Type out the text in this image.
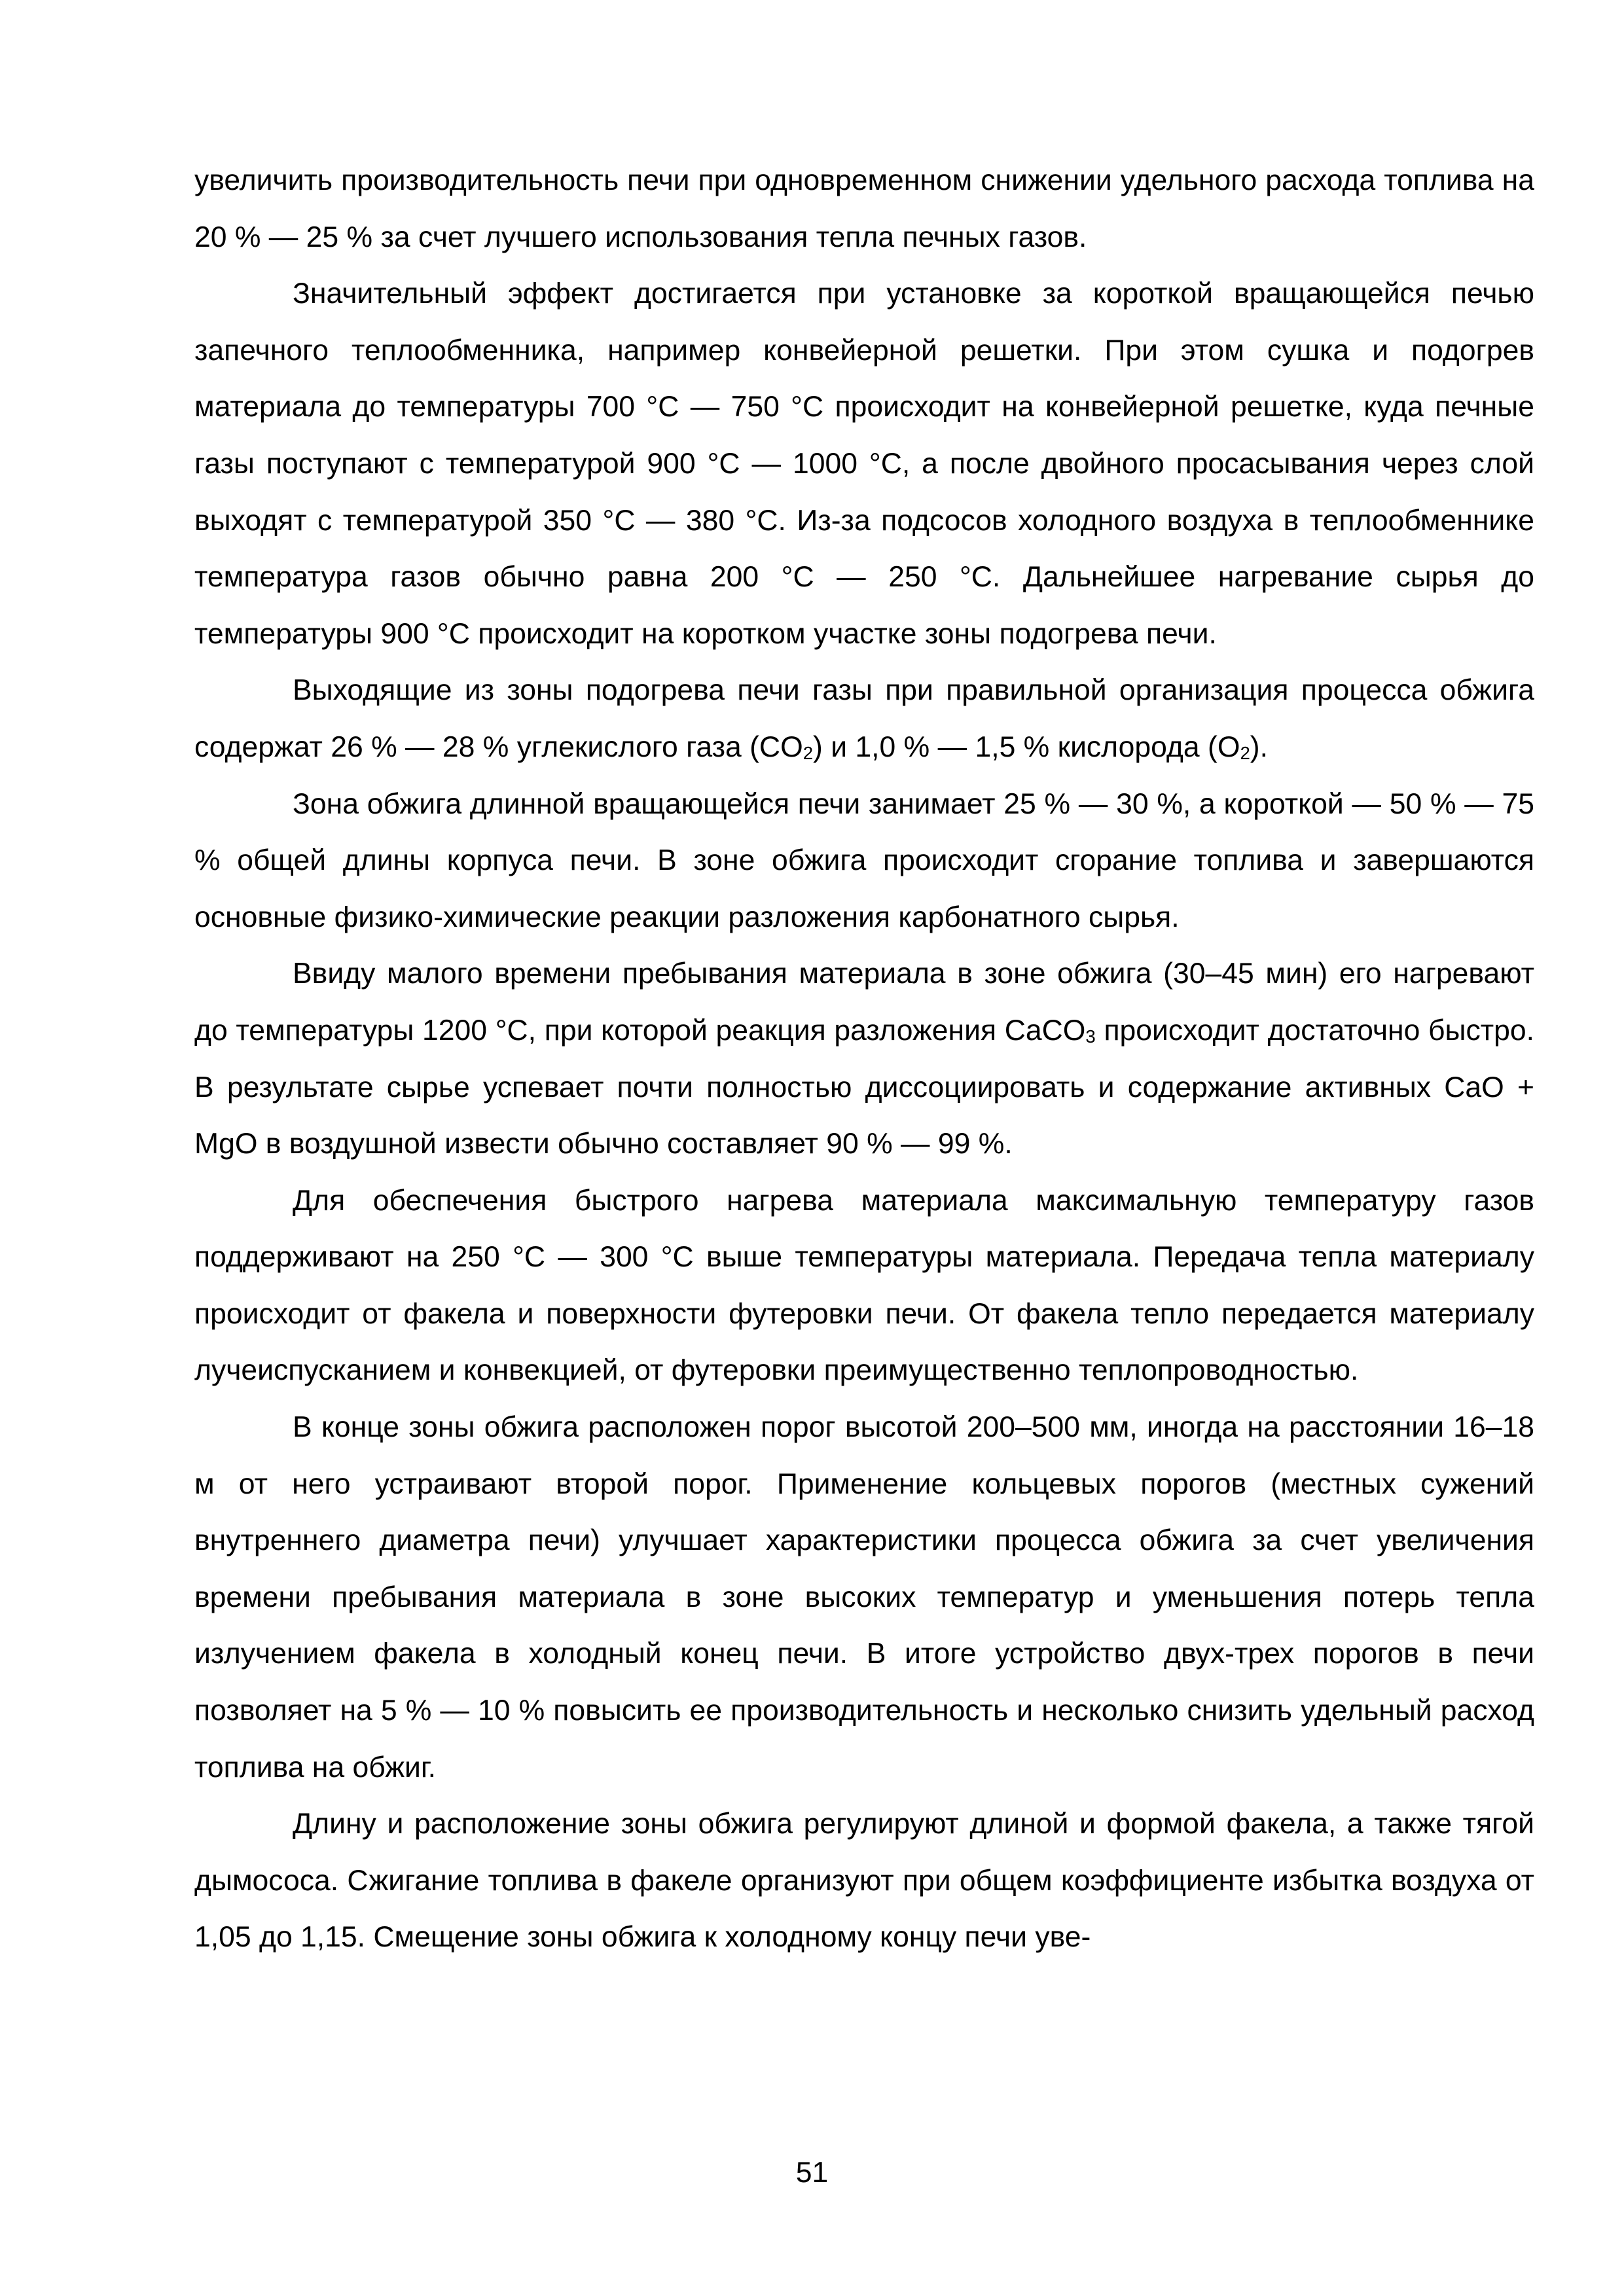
увеличить производительность печи при одновременном снижении удельного расхода топлива на 20 % — 25 % за счет лучшего использования тепла печных газов.

Значительный эффект достигается при установке за короткой вращающейся печью запечного теплообменника, например конвейерной решетки. При этом сушка и подогрев материала до температуры 700 °С — 750 °С происходит на конвейерной решетке, куда печные газы поступают с температурой 900 °С — 1000 °С, а после двойного просасывания через слой выходят с температурой 350 °С — 380 °С. Из-за подсосов холодного воздуха в теплообменнике температура газов обычно равна 200 °С — 250 °С. Дальнейшее нагревание сырья до температуры 900 °С происходит на коротком участке зоны подогрева печи.

Выходящие из зоны подогрева печи газы при правильной организация процесса обжига содержат 26 % — 28 % углекислого газа $(CO_2)$ и 1,0 % — 1,5 % кислорода $(O_2)$.

Зона обжига длинной вращающейся печи занимает 25 % — 30 %, а короткой — 50 % — 75 % общей длины корпуса печи. В зоне обжига происходит сгорание топлива и завершаются основные физико-химические реакции разложения карбонатного сырья.

Ввиду малого времени пребывания материала в зоне обжига (30–45 мин) его нагревают до температуры 1200 °С, при которой реакция разложения CaCO$_3$ происходит достаточно быстро. В результате сырье успевает почти полностью диссоциировать и содержание активных CaO + MgO в воздушной извести обычно составляет 90 % — 99 %.

Для обеспечения быстрого нагрева материала максимальную температуру газов поддерживают на 250 °С — 300 °С выше температуры материала. Передача тепла материалу происходит от факела и поверхности футеровки печи. От факела тепло передается материалу лучеиспусканием и конвекцией, от футеровки преимущественно теплопроводностью.

В конце зоны обжига расположен порог высотой 200–500 мм, иногда на расстоянии 16–18 м от него устраивают второй порог. Применение кольцевых порогов (местных сужений внутреннего диаметра печи) улучшает характеристики процесса обжига за счет увеличения времени пребывания материала в зоне высоких температур и уменьшения потерь тепла излучением факела в холодный конец печи. В итоге устройство двух-трех порогов в печи позволяет на 5 % — 10 % повысить ее производительность и несколько снизить удельный расход топлива на обжиг.

Длину и расположение зоны обжига регулируют длиной и формой факела, а также тягой дымососа. Сжигание топлива в факеле организуют при общем коэффициенте избытка воздуха от 1,05 до 1,15. Смещение зоны обжига к холодному концу печи уве-

51
